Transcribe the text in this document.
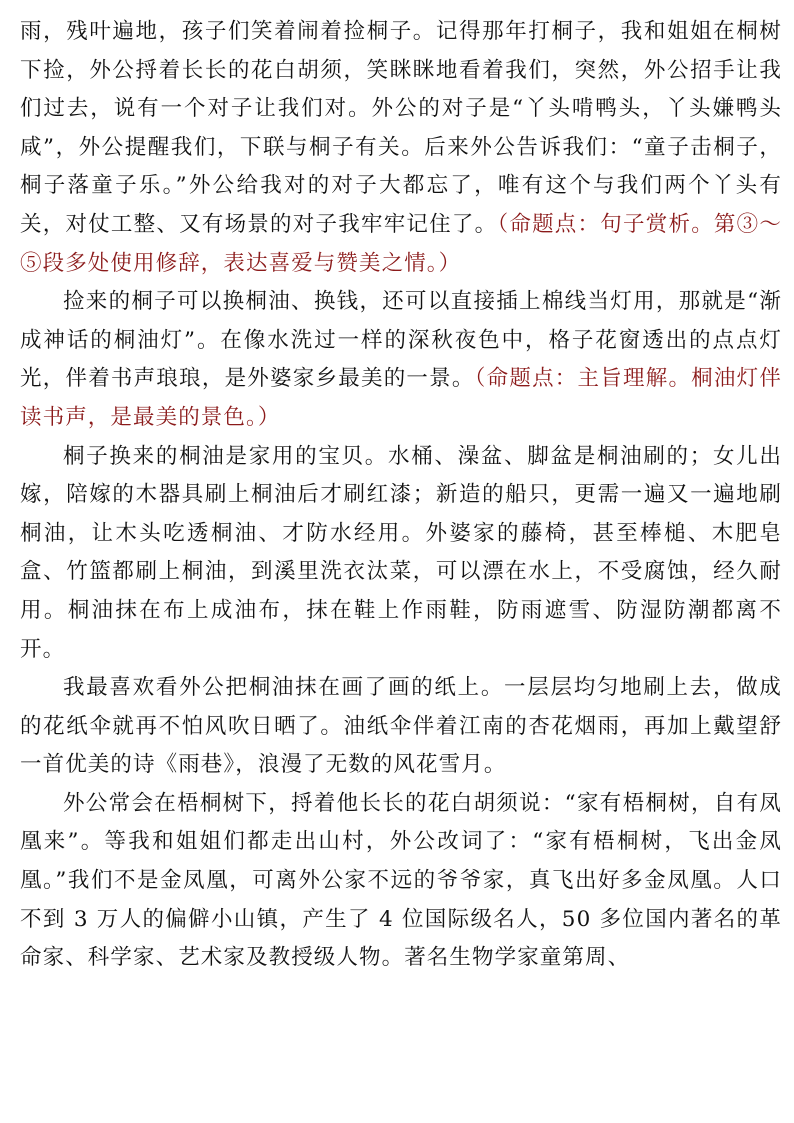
雨，残叶遍地，孩子们笑着闹着捡桐子。记得那年打桐子，我和姐姐在桐树下捡，外公捋着长长的花白胡须，笑眯眯地看着我们，突然，外公招手让我们过去，说有一个对子让我们对。外公的对子是“丫头啃鸭头，丫头嫌鸭头咸”，外公提醒我们，下联与桐子有关。后来外公告诉我们：“童子击桐子，桐子落童子乐。”外公给我对的对子大都忘了，唯有这个与我们两个丫头有关，对仗工整、又有场景的对子我牢牢记住了。（命题点：句子赏析。第③～⑤段多处使用修辞，表达喜爱与赞美之情。）

捡来的桐子可以换桐油、换钱，还可以直接插上棉线当灯用，那就是“渐成神话的桐油灯”。在像水洗过一样的深秋夜色中，格子花窗透出的点点灯光，伴着书声琅琅，是外婆家乡最美的一景。（命题点：主旨理解。桐油灯伴读书声，是最美的景色。）

桐子换来的桐油是家用的宝贝。水桶、澡盆、脚盆是桐油刷的；女儿出嫁，陪嫁的木器具刷上桐油后才刷红漆；新造的船只，更需一遍又一遍地刷桐油，让木头吃透桐油、才防水经用。外婆家的藤椅，甚至棒槌、木肥皂盒、竹篮都刷上桐油，到溪里洗衣汰菜，可以漂在水上，不受腐蚀，经久耐用。桐油抹在布上成油布，抹在鞋上作雨鞋，防雨遮雪、防湿防潮都离不开。

我最喜欢看外公把桐油抹在画了画的纸上。一层层均匀地刷上去，做成的花纸伞就再不怕风吹日晒了。油纸伞伴着江南的杏花烟雨，再加上戴望舒一首优美的诗《雨巷》，浪漫了无数的风花雪月。

外公常会在梧桐树下，捋着他长长的花白胡须说：“家有梧桐树，自有凤凰来”。等我和姐姐们都走出山村，外公改词了：“家有梧桐树，飞出金凤凰。”我们不是金凤凰，可离外公家不远的爷爷家，真飞出好多金凤凰。人口不到 3 万人的偏僻小山镇，产生了 4 位国际级名人，50 多位国内著名的革命家、科学家、艺术家及教授级人物。著名生物学家童第周、
